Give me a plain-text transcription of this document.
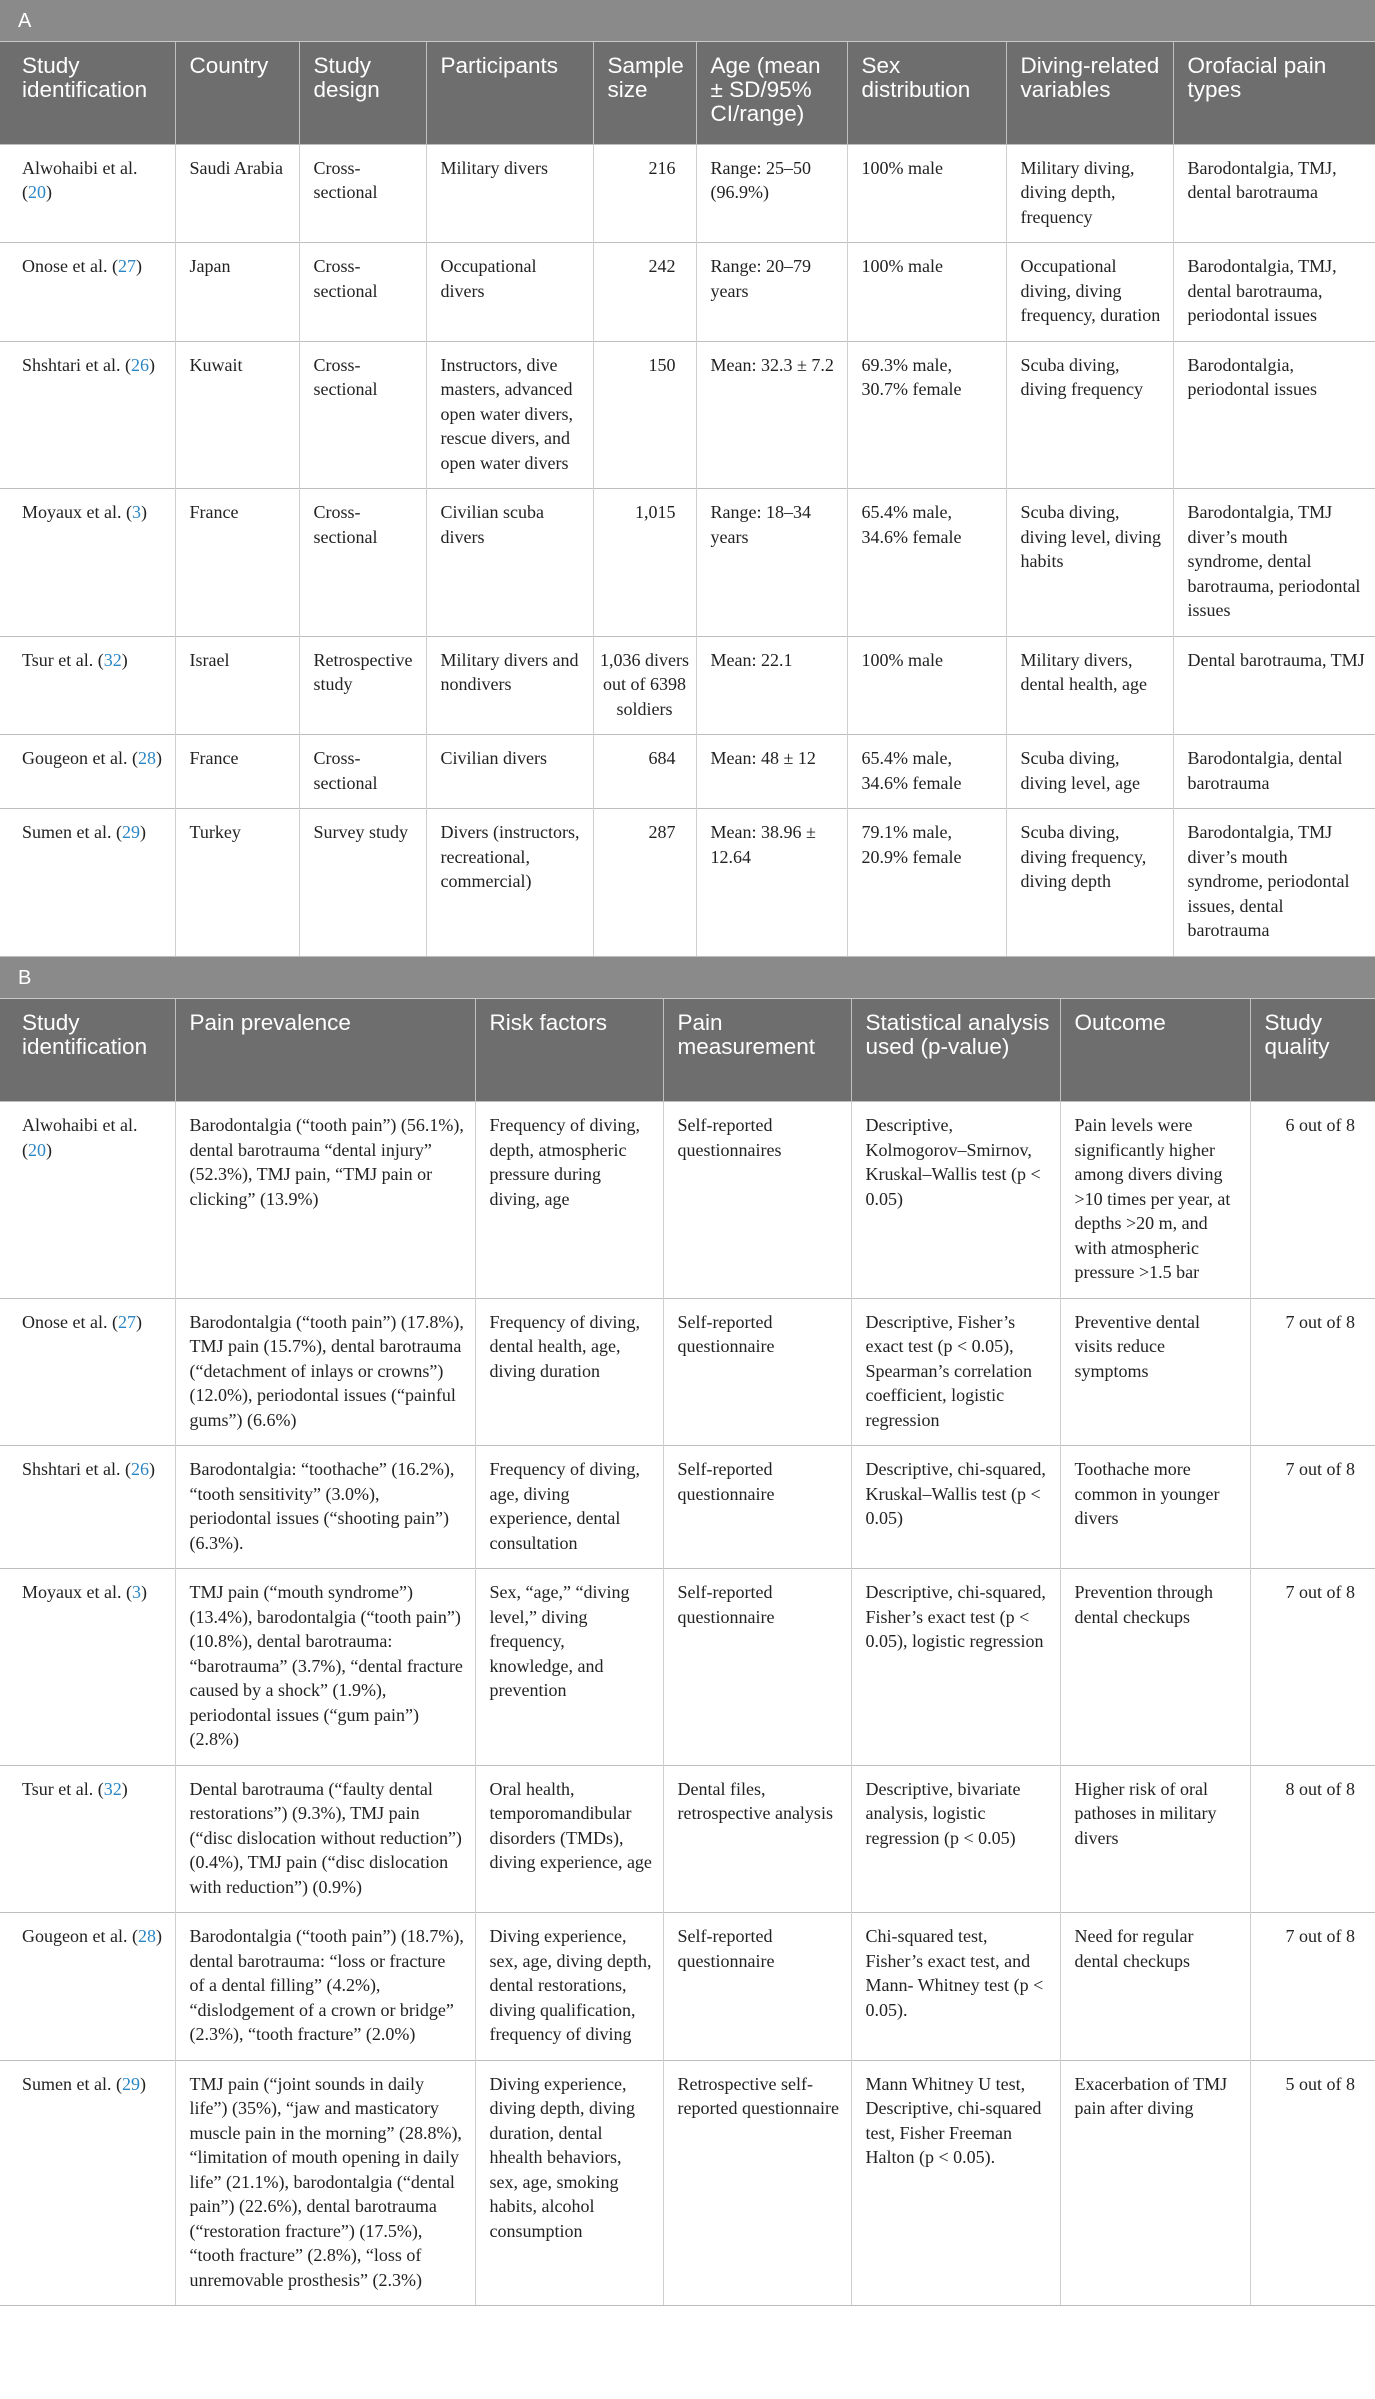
A
Study identification	Country	Study design	Participants	Sample size	Age (mean ± SD/95% CI/range)	Sex distribution	Diving-related variables	Orofacial pain types
Alwohaibi et al. (20)	Saudi Arabia	Cross-sectional	Military divers	216	Range: 25–50 (96.9%)	100% male	Military diving, diving depth, frequency	Barodontalgia, TMJ, dental barotrauma
Onose et al. (27)	Japan	Cross-sectional	Occupational divers	242	Range: 20–79 years	100% male	Occupational diving, diving frequency, duration	Barodontalgia, TMJ, dental barotrauma, periodontal issues
Shshtari et al. (26)	Kuwait	Cross-sectional	Instructors, dive masters, advanced open water divers, rescue divers, and open water divers	150	Mean: 32.3 ± 7.2	69.3% male, 30.7% female	Scuba diving, diving frequency	Barodontalgia, periodontal issues
Moyaux et al. (3)	France	Cross-sectional	Civilian scuba divers	1,015	Range: 18–34 years	65.4% male, 34.6% female	Scuba diving, diving level, diving habits	Barodontalgia, TMJ diver’s mouth syndrome, dental barotrauma, periodontal issues
Tsur et al. (32)	Israel	Retrospective study	Military divers and nondivers	1,036 divers out of 6398 soldiers	Mean: 22.1	100% male	Military divers, dental health, age	Dental barotrauma, TMJ
Gougeon et al. (28)	France	Cross-sectional	Civilian divers	684	Mean: 48 ± 12	65.4% male, 34.6% female	Scuba diving, diving level, age	Barodontalgia, dental barotrauma
Sumen et al. (29)	Turkey	Survey study	Divers (instructors, recreational, commercial)	287	Mean: 38.96 ± 12.64	79.1% male, 20.9% female	Scuba diving, diving frequency, diving depth	Barodontalgia, TMJ diver’s mouth syndrome, periodontal issues, dental barotrauma
B
Study identification	Pain prevalence	Risk factors	Pain measurement	Statistical analysis used (p-value)	Outcome	Study quality
Alwohaibi et al. (20)	Barodontalgia (“tooth pain”) (56.1%), dental barotrauma “dental injury” (52.3%), TMJ pain, “TMJ pain or clicking” (13.9%)	Frequency of diving, depth, atmospheric pressure during diving, age	Self-reported questionnaires	Descriptive, Kolmogorov–Smirnov, Kruskal–Wallis test (p < 0.05)	Pain levels were significantly higher among divers diving >10 times per year, at depths >20 m, and with atmospheric pressure >1.5 bar	6 out of 8
Onose et al. (27)	Barodontalgia (“tooth pain”) (17.8%), TMJ pain (15.7%), dental barotrauma (“detachment of inlays or crowns”) (12.0%), periodontal issues (“painful gums”) (6.6%)	Frequency of diving, dental health, age, diving duration	Self-reported questionnaire	Descriptive, Fisher’s exact test (p < 0.05), Spearman’s correlation coefficient, logistic regression	Preventive dental visits reduce symptoms	7 out of 8
Shshtari et al. (26)	Barodontalgia: “toothache” (16.2%), “tooth sensitivity” (3.0%), periodontal issues (“shooting pain”) (6.3%).	Frequency of diving, age, diving experience, dental consultation	Self-reported questionnaire	Descriptive, chi-squared, Kruskal–Wallis test (p < 0.05)	Toothache more common in younger divers	7 out of 8
Moyaux et al. (3)	TMJ pain (“mouth syndrome”) (13.4%), barodontalgia (“tooth pain”) (10.8%), dental barotrauma: “barotrauma” (3.7%), “dental fracture caused by a shock” (1.9%), periodontal issues (“gum pain”) (2.8%)	Sex, “age,” “diving level,” diving frequency, knowledge, and prevention	Self-reported questionnaire	Descriptive, chi-squared, Fisher’s exact test (p < 0.05), logistic regression	Prevention through dental checkups	7 out of 8
Tsur et al. (32)	Dental barotrauma (“faulty dental restorations”) (9.3%), TMJ pain (“disc dislocation without reduction”) (0.4%), TMJ pain (“disc dislocation with reduction”) (0.9%)	Oral health, temporomandibular disorders (TMDs), diving experience, age	Dental files, retrospective analysis	Descriptive, bivariate analysis, logistic regression (p < 0.05)	Higher risk of oral pathoses in military divers	8 out of 8
Gougeon et al. (28)	Barodontalgia (“tooth pain”) (18.7%), dental barotrauma: “loss or fracture of a dental filling” (4.2%), “dislodgement of a crown or bridge” (2.3%), “tooth fracture” (2.0%)	Diving experience, sex, age, diving depth, dental restorations, diving qualification, frequency of diving	Self-reported questionnaire	Chi-squared test, Fisher’s exact test, and Mann- Whitney test (p < 0.05).	Need for regular dental checkups	7 out of 8
Sumen et al. (29)	TMJ pain (“joint sounds in daily life”) (35%), “jaw and masticatory muscle pain in the morning” (28.8%), “limitation of mouth opening in daily life” (21.1%), barodontalgia (“dental pain”) (22.6%), dental barotrauma (“restoration fracture”) (17.5%), “tooth fracture” (2.8%), “loss of unremovable prosthesis” (2.3%)	Diving experience, diving depth, diving duration, dental hhealth behaviors, sex, age, smoking habits, alcohol consumption	Retrospective self-reported questionnaire	Mann Whitney U test, Descriptive, chi-squared test, Fisher Freeman Halton (p < 0.05).	Exacerbation of TMJ pain after diving	5 out of 8
